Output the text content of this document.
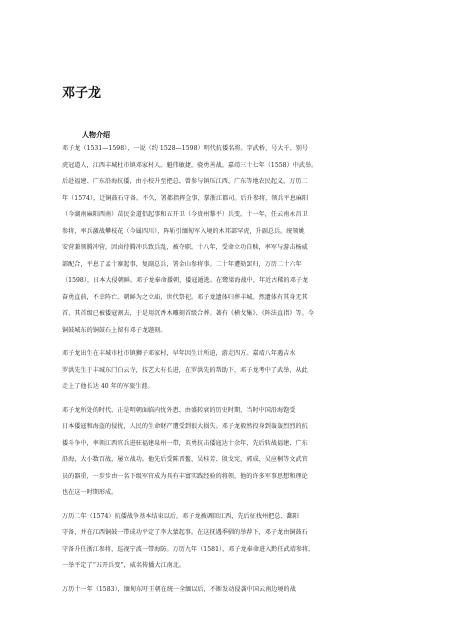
邓子龙
人物介绍
邓子龙（1531—1598），一说（约 1528—1598）明代抗倭名将。字武桥，号大千、别号
虎冠道人，江西丰城杜市镇邓家村人。魁伟敏捷，骁勇善战。嘉靖三十七年（1558）中武举。
后赴福建、广东沿海抗倭，由小校升至把总。曾参与镇压江西、广东等地农民起义。万历二
年（1574），迁铜鼓石守备。不久，署都指挥佥事，掌浙江都司。后升参将，领兵平息麻阳
（今湖南麻阳西南）苗民金道侣起事和五开卫（今贵州黎平）兵变。十一年，任云南永昌卫
参将，率兵激战攀枝花（今属四川），阵斩引缅甸军入境的木邦部罕虎，升副总兵。统领姚
安营兼领腾冲营，因卤待腾冲兵致兵乱，被夺职。十八年，受命立功自赎，率军与游击杨威
部配合，平息了孟十寨起事，复副总兵，署金山参将事。二十年遭劾罢归，万历二十六年
（1598），日本大侵朝鲜。邓子龙奉命援朝，倭寇遁逃。在鹭梁海战中，年近古稀的邓子龙
奋勇直前，不幸阵亡。朝鲜为之立庙，世代祭祀。邓子龙遗体归葬丰城。然遗体有其身无其
首，其首级已被倭寇割去，于是用沉香木雕刻首级合葬。著有《横戈集》、《阵法直指》等。今
铜鼓城东的铜鼓石上留有邓子龙题刻。
邓子龙出生在丰城市杜市镇狮子邓家村，早年因生计所迫，游走四方。嘉靖八年遇吉水
罗洪先生于丰城东门白云寺，技艺大有长进，在罗洪先的帮助下，邓子龙考中了武举，从此
走上了他长达 40 年的军旅生涯。
邓子龙所处的时代，正是明朝面临内忧外患、由盛转衰的历史时期，当时中国沿海饱受
日本倭寇和海盗的侵扰，人民的生命财产遭受到很大损失。邓子龙毅然投身到轰轰烈烈的抗
倭斗争中，率领江西官兵进驻福建泉州一带，英勇抗击倭寇达十余年，先后转战福建、广东
沿海，大小数百战，屡立战功。他先后受陈晋鳌、吴桂芳、殷戈宪、郭成、吴应桐等文武官
员的器重，一步步由一名下级军官成为具有丰富实践经验的将领，他的许多军事思想和理论
也在这一时期形成。
万历二年（1574）抗倭战争基本结束以后，邓子龙被调回江西，先后征找州把总、鄱阳
守备，并在江西铜鼓一带成功平定了李大蒙起事。在这抚遇季驯的举荐下，邓子龙由铜鼓石
守备升任浙江参将，巡视宁波一带海防。万历九年（1581），邓子龙奉命进入黔任武靖参将，
一举平定了“五开兵变”，威名传播大江南北。
万历十一年（1583），缅甸东吁王朝在统一全缅以后，不断发动侵袭中国云南边境的战
